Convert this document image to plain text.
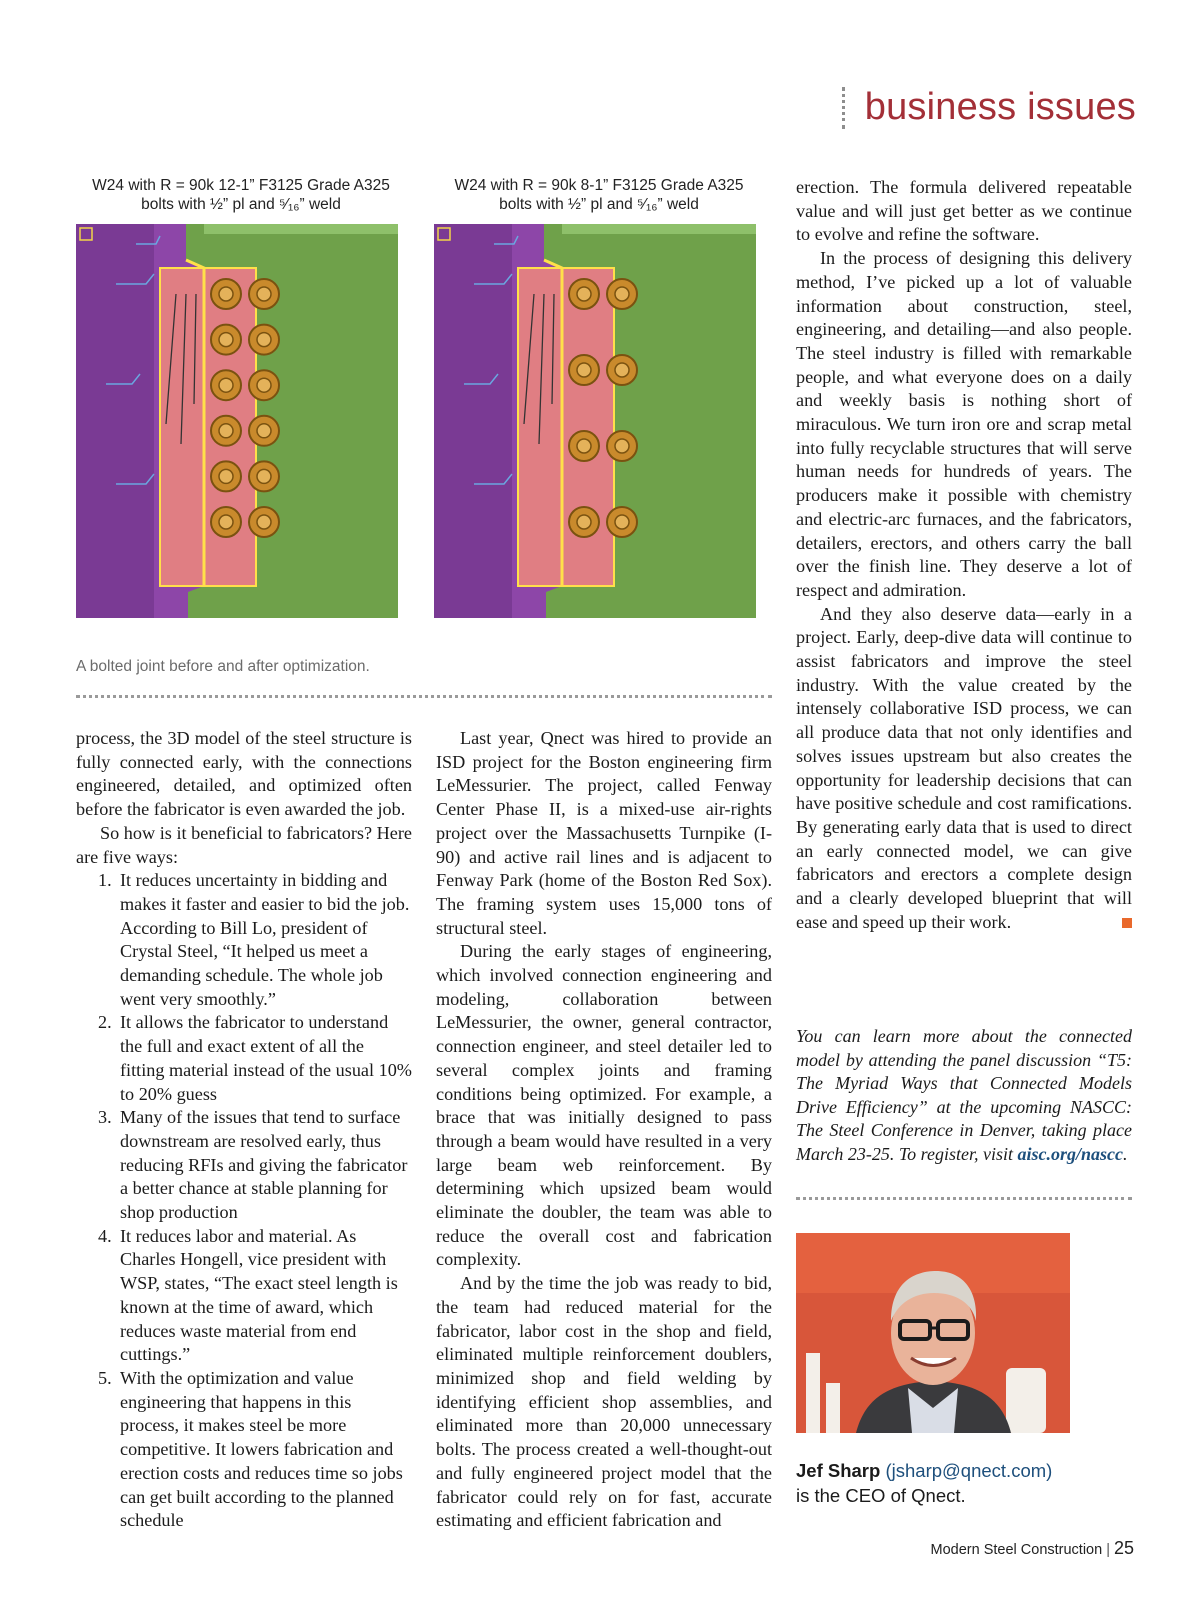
business issues
W24 with R = 90k 12-1” F3125 Grade A325
bolts with ½” pl and ⁵⁄₁₆” weld
W24 with R = 90k 8-1” F3125 Grade A325
bolts with ½” pl and ⁵⁄₁₆” weld
A bolted joint before and after optimization.

process, the 3D model of the steel structure is fully connected early, with the connections engineered, detailed, and optimized often before the fabricator is even awarded the job.

So how is it beneficial to fabricators? Here are five ways:

1. It reduces uncertainty in bidding and makes it faster and easier to bid the job. According to Bill Lo, president of Crystal Steel, “It helped us meet a demanding schedule. The whole job went very smoothly.”
2. It allows the fabricator to understand the full and exact extent of all the fitting material instead of the usual 10% to 20% guess
3. Many of the issues that tend to surface downstream are resolved early, thus reducing RFIs and giving the fabricator a better chance at stable planning for shop production
4. It reduces labor and material. As Charles Hongell, vice president with WSP, states, “The exact steel length is known at the time of award, which reduces waste material from end cuttings.”
5. With the optimization and value engineering that happens in this process, it makes steel be more competitive. It lowers fabrication and erection costs and reduces time so jobs can get built according to the planned schedule

Last year, Qnect was hired to provide an ISD project for the Boston engineering firm LeMessurier. The project, called Fenway Center Phase II, is a mixed-use air-rights project over the Massachusetts Turnpike (I-90) and active rail lines and is adjacent to Fenway Park (home of the Boston Red Sox). The framing system uses 15,000 tons of structural steel.

During the early stages of engineering, which involved connection engineering and modeling, collaboration between LeMessurier, the owner, general contractor, connection engineer, and steel detailer led to several complex joints and framing conditions being optimized. For example, a brace that was initially designed to pass through a beam would have resulted in a very large beam web reinforcement. By determining which upsized beam would eliminate the doubler, the team was able to reduce the overall cost and fabrication complexity.

And by the time the job was ready to bid, the team had reduced material for the fabricator, labor cost in the shop and field, eliminated multiple reinforcement doublers, minimized shop and field welding by identifying efficient shop assemblies, and eliminated more than 20,000 unnecessary bolts. The process created a well-thought-out and fully engineered project model that the fabricator could rely on for fast, accurate estimating and efficient fabrication and

erection. The formula delivered repeatable value and will just get better as we continue to evolve and refine the software.

In the process of designing this delivery method, I’ve picked up a lot of valuable information about construction, steel, engineering, and detailing—and also people. The steel industry is filled with remarkable people, and what everyone does on a daily and weekly basis is nothing short of miraculous. We turn iron ore and scrap metal into fully recyclable structures that will serve human needs for hundreds of years. The producers make it possible with chemistry and electric-arc furnaces, and the fabricators, detailers, erectors, and others carry the ball over the finish line. They deserve a lot of respect and admiration.

And they also deserve data—early in a project. Early, deep-dive data will continue to assist fabricators and improve the steel industry. With the value created by the intensely collaborative ISD process, we can all produce data that not only identifies and solves issues upstream but also creates the opportunity for leadership decisions that can have positive schedule and cost ramifications. By generating early data that is used to direct an early connected model, we can give fabricators and erectors a complete design and a clearly developed blueprint that will ease and speed up their work.

You can learn more about the connected model by attending the panel discussion “T5: The Myriad Ways that Connected Models Drive Efficiency” at the upcoming NASCC: The Steel Conference in Denver, taking place March 23-25. To register, visit aisc.org/nascc.
Jef Sharp (jsharp@qnect.com)
is the CEO of Qnect.
Modern Steel Construction | 25
